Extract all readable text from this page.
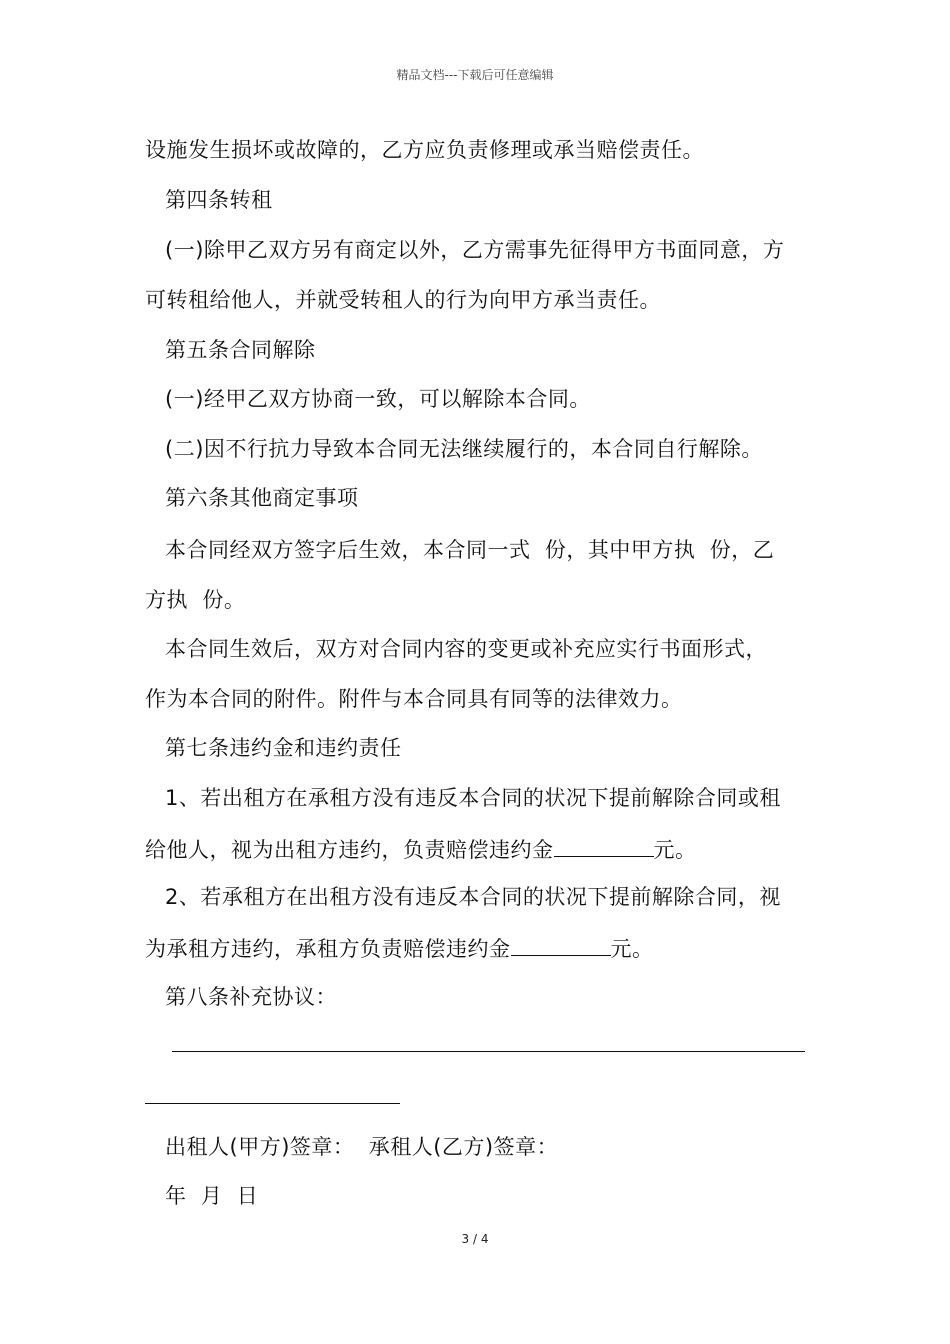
精品文档---下载后可任意编辑
设施发生损坏或故障的，乙方应负责修理或承当赔偿责任。
第四条转租
(一)除甲乙双方另有商定以外，乙方需事先征得甲方书面同意，方
可转租给他人，并就受转租人的行为向甲方承当责任。
第五条合同解除
(一)经甲乙双方协商一致，可以解除本合同。
(二)因不行抗力导致本合同无法继续履行的，本合同自行解除。
第六条其他商定事项
本合同经双方签字后生效，本合同一式  份，其中甲方执  份，乙
方执  份。
本合同生效后，双方对合同内容的变更或补充应实行书面形式，
作为本合同的附件。附件与本合同具有同等的法律效力。
第七条违约金和违约责任
1、若出租方在承租方没有违反本合同的状况下提前解除合同或租
给他人，视为出租方违约，负责赔偿违约金	元。
2、若承租方在出租方没有违反本合同的状况下提前解除合同，视
为承租方违约，承租方负责赔偿违约金	元。
第八条补充协议：
出租人(甲方)签章：  承租人(乙方)签章：
年  月  日
3 / 4
